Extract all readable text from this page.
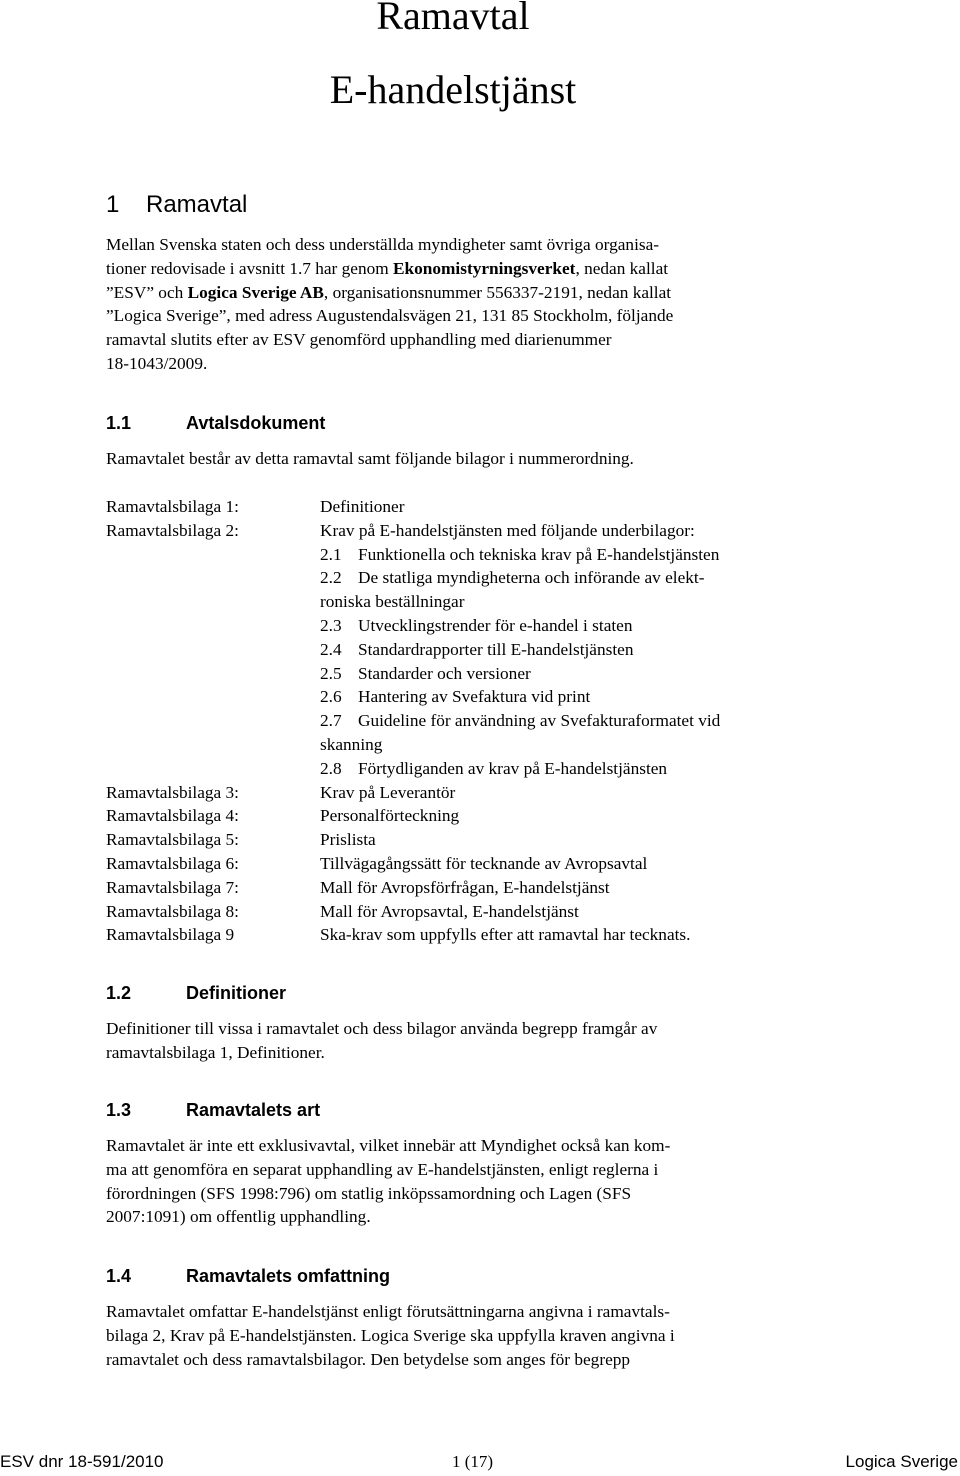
Ramavtal
E-handelstjänst
1 Ramavtal

Mellan Svenska staten och dess underställda myndigheter samt övriga organisa-
tioner redovisade i avsnitt 1.7 har genom Ekonomistyrningsverket, nedan kallat
”ESV” och Logica Sverige AB, organisationsnummer 556337-2191, nedan kallat
”Logica Sverige”, med adress Augustendalsvägen 21, 131 85 Stockholm, följande
ramavtal slutits efter av ESV genomförd upphandling med diarienummer
18-1043/2009.

1.1	Avtalsdokument

Ramavtalet består av detta ramavtal samt följande bilagor i nummerordning.

Ramavtalsbilaga 1:	Definitioner
Ramavtalsbilaga 2:	Krav på E-handelstjänsten med följande underbilagor:
2.1 Funktionella och tekniska krav på E-handelstjänsten
2.2 De statliga myndigheterna och införande av elekt-
roniska beställningar
2.3 Utvecklingstrender för e-handel i staten
2.4 Standardrapporter till E-handelstjänsten
2.5 Standarder och versioner
2.6 Hantering av Svefaktura vid print
2.7 Guideline för användning av Svefakturaformatet vid
skanning
2.8 Förtydliganden av krav på E-handelstjänsten
Ramavtalsbilaga 3:	Krav på Leverantör
Ramavtalsbilaga 4:	Personalförteckning
Ramavtalsbilaga 5:	Prislista
Ramavtalsbilaga 6:	Tillvägagångssätt för tecknande av Avropsavtal
Ramavtalsbilaga 7:	Mall för Avropsförfrågan, E-handelstjänst
Ramavtalsbilaga 8:	Mall för Avropsavtal, E-handelstjänst
Ramavtalsbilaga 9	Ska-krav som uppfylls efter att ramavtal har tecknats.
1.2	Definitioner

Definitioner till vissa i ramavtalet och dess bilagor använda begrepp framgår av
ramavtalsbilaga 1, Definitioner.

1.3	Ramavtalets art

Ramavtalet är inte ett exklusivavtal, vilket innebär att Myndighet också kan kom-
ma att genomföra en separat upphandling av E-handelstjänsten, enligt reglerna i
förordningen (SFS 1998:796) om statlig inköpssamordning och Lagen (SFS
2007:1091) om offentlig upphandling.

1.4	Ramavtalets omfattning

Ramavtalet omfattar E-handelstjänst enligt förutsättningarna angivna i ramavtals-
bilaga 2, Krav på E-handelstjänsten. Logica Sverige ska uppfylla kraven angivna i
ramavtalet och dess ramavtalsbilagor. Den betydelse som anges för begrepp

ESV dnr 18-591/2010	1 (17)	Logica Sverige
